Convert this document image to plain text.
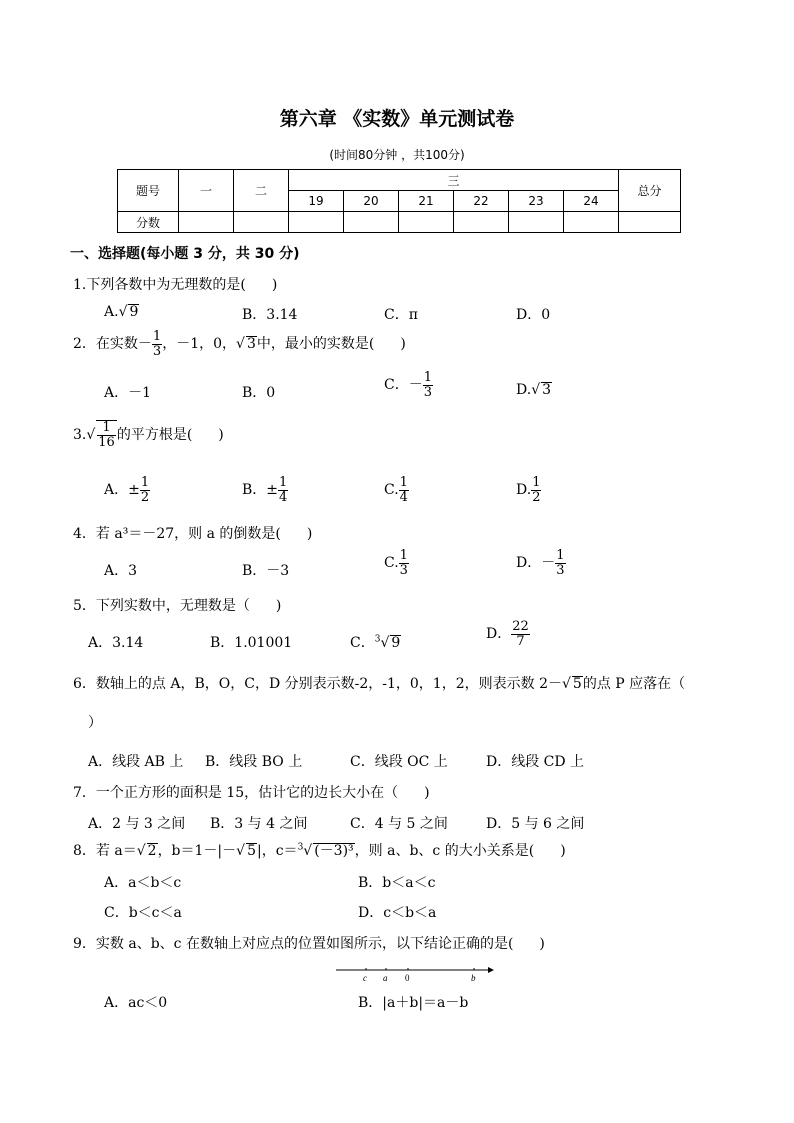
第六章 《实数》单元测试卷
(时间80分钟 ，共100分)
题号	一	二	三						总分
			19	20	21	22	23	24	
分数									
一、选择题(每小题 3 分，共 30 分)
1.下列各数中为无理数的是( )
A.√ 9	B．3.14	C．π	D．0
2．在实数－ $\frac{1}{3}$ ，－1，0，√ 3中，最小的实数是( )
A．－1	B．0	C．－ $\frac{1}{3}$	D.√ 3
$3.√ \frac{1}{16}$ 的平方根是( )
A．± $\frac{1}{2}$	B．± $\frac{1}{4}$	C. $\frac{1}{4}$	D. $\frac{1}{2}$
4．若 a³＝－27，则 a 的倒数是( )
A．3	B．－3	C. $\frac{1}{3}$	D．－ $\frac{1}{3}$
5．下列实数中，无理数是（ )
A．3.14	B．1.01001	C．$^3$√ 9
D． $\frac{22}{7}$
6．数轴上的点 A，B，O，C，D 分别表示数-2，-1，0，1，2，则表示数 2－√ 5的点 P 应落在（
）
A．线段 AB 上 B．线段 BO 上	C．线段 OC 上	D．线段 CD 上
7．一个正方形的面积是 15，估计它的边长大小在（ )
A．2 与 3 之间 B．3 与 4 之间	C．4 与 5 之间	D．5 与 6 之间
8．若 a＝√ 2，b＝1－|－√ 5|，c＝$^3$√ (－3)³，则 a、b、c 的大小关系是( )
A．a＜b＜c	B．b＜a＜c
C．b＜c＜a	D．c＜b＜a
9．实数 a、b、c 在数轴上对应点的位置如图所示，以下结论正确的是( )
c a 0	b
A．ac＜0	B．|a＋b|＝a－b
